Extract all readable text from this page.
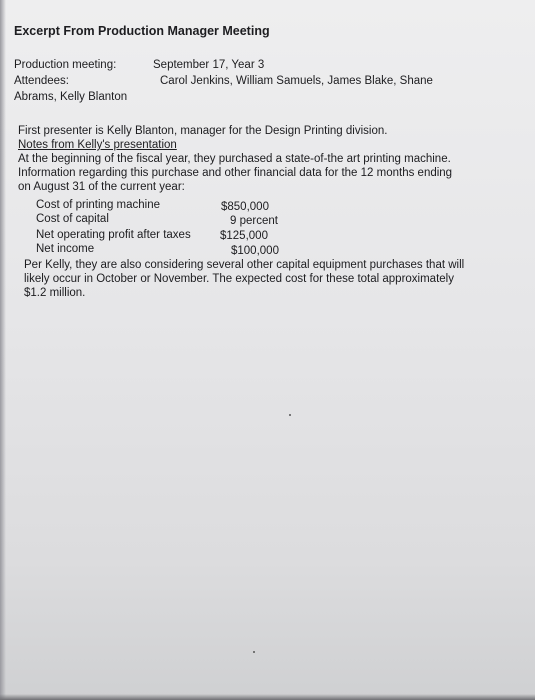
Excerpt From Production Manager Meeting
Production meeting:	September 17, Year 3
Attendees:	Carol Jenkins, William Samuels, James Blake, Shane
Abrams, Kelly Blanton
First presenter is Kelly Blanton, manager for the Design Printing division.
Notes from Kelly's presentation
At the beginning of the fiscal year, they purchased a state-of-the art printing machine.
Information regarding this purchase and other financial data for the 12 months ending
on August 31 of the current year:
Cost of printing machine	$850,000
Cost of capital	9 percent
Net operating profit after taxes	$125,000
Net income	$100,000
Per Kelly, they are also considering several other capital equipment purchases that will
likely occur in October or November. The expected cost for these total approximately
$1.2 million.
